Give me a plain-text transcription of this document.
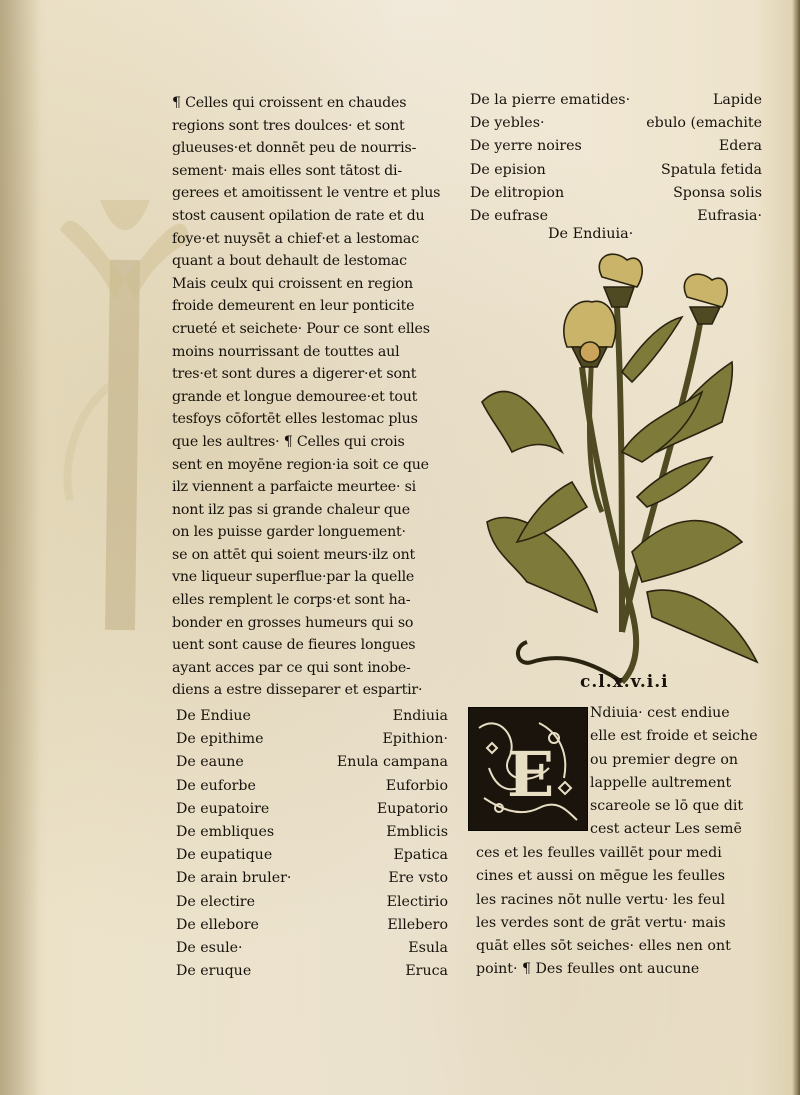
¶ Celles qui croissent en chaudes
regions sont tres doulces· et sont
glueuses·et donnēt peu de nourris-
sement· mais elles sont tātost di-
gerees et amoitissent le ventre et plus
stost causent opilation de rate et du
foye·et nuysēt a chief·et a lestomac
quant a bout dehault de lestomac
Mais ceulx qui croissent en region
froide demeurent en leur ponticite
crueté et seichete· Pour ce sont elles
moins nourrissant de touttes aul
tres·et sont dures a digerer·et sont
grande et longue demouree·et tout
tesfoys cōfortēt elles lestomac plus
que les aultres· ¶ Celles qui crois
sent en moyēne region·ia soit ce que
ilz viennent a parfaicte meurtee· si
nont ilz pas si grande chaleur que
on les puisse garder longuement·
se on attēt qui soient meurs·ilz ont
vne liqueur superflue·par la quelle
elles remplent le corps·et sont ha-
bonder en grosses humeurs qui so
uent sont cause de fieures longues
ayant acces par ce qui sont inobe-
diens a estre disseparer et espartir·
De Endiue	Endiuia
De epithime	Epithion·
De eaune	Enula campana
De euforbe	Euforbio
De eupatoire	Eupatorio
De embliques	Emblicis
De eupatique	Epatica
De arain bruler·	Ere vsto
De electire	Electirio
De ellebore	Ellebero
De esule·	Esula
De eruque	Eruca
De la pierre ematides·	Lapide
De yebles·	ebulo (emachite
De yerre noires	Edera
De epision	Spatula fetida
De elitropion	Sponsa solis
De eufrase	Eufrasia·
De Endiuia·
c.l.x.v.i.i
E
Ndiuia· cest endiue
elle est froide et seiche
ou premier degre on
lappelle aultrement
scareole se lō que dit
cest acteur Les semē
ces et les feulles vaillēt pour medi
cines et aussi on mēgue les feulles
les racines nōt nulle vertu· les feul
les verdes sont de grāt vertu· mais
quāt elles sōt seiches· elles nen ont
point· ¶ Des feulles ont aucune
